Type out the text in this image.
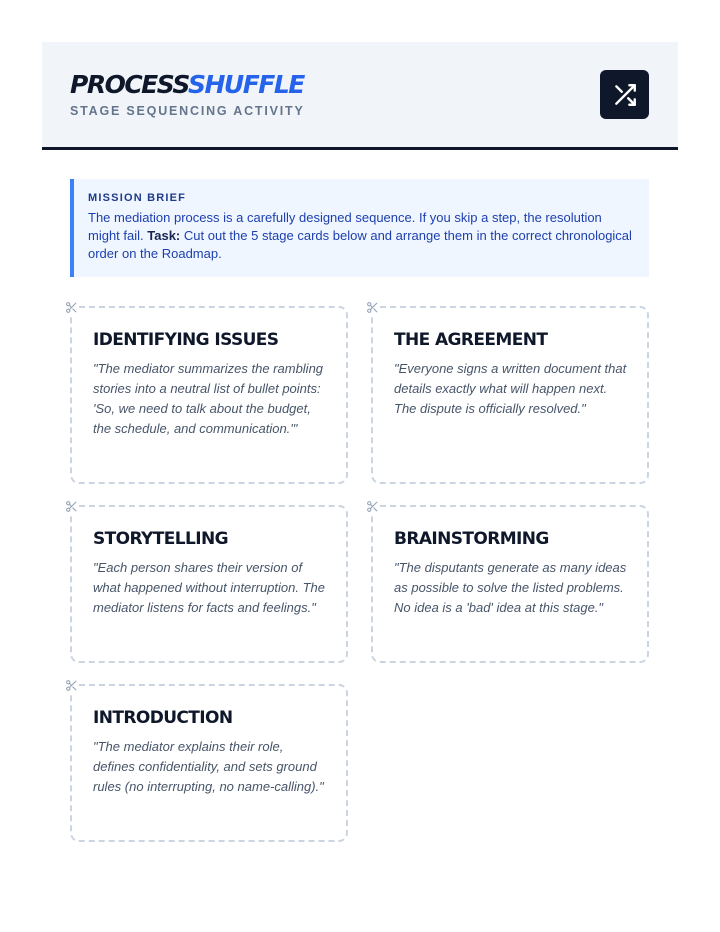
PROCESSSHUFFLE
STAGE SEQUENCING ACTIVITY
MISSION BRIEF
The mediation process is a carefully designed sequence. If you skip a step, the resolution might fail. Task: Cut out the 5 stage cards below and arrange them in the correct chronological order on the Roadmap.
IDENTIFYING ISSUES
"The mediator summarizes the rambling stories into a neutral list of bullet points: 'So, we need to talk about the budget, the schedule, and communication.'"
THE AGREEMENT
"Everyone signs a written document that details exactly what will happen next. The dispute is officially resolved."
STORYTELLING
"Each person shares their version of what happened without interruption. The mediator listens for facts and feelings."
BRAINSTORMING
"The disputants generate as many ideas as possible to solve the listed problems. No idea is a 'bad' idea at this stage."
INTRODUCTION
"The mediator explains their role, defines confidentiality, and sets ground rules (no interrupting, no name-calling)."
